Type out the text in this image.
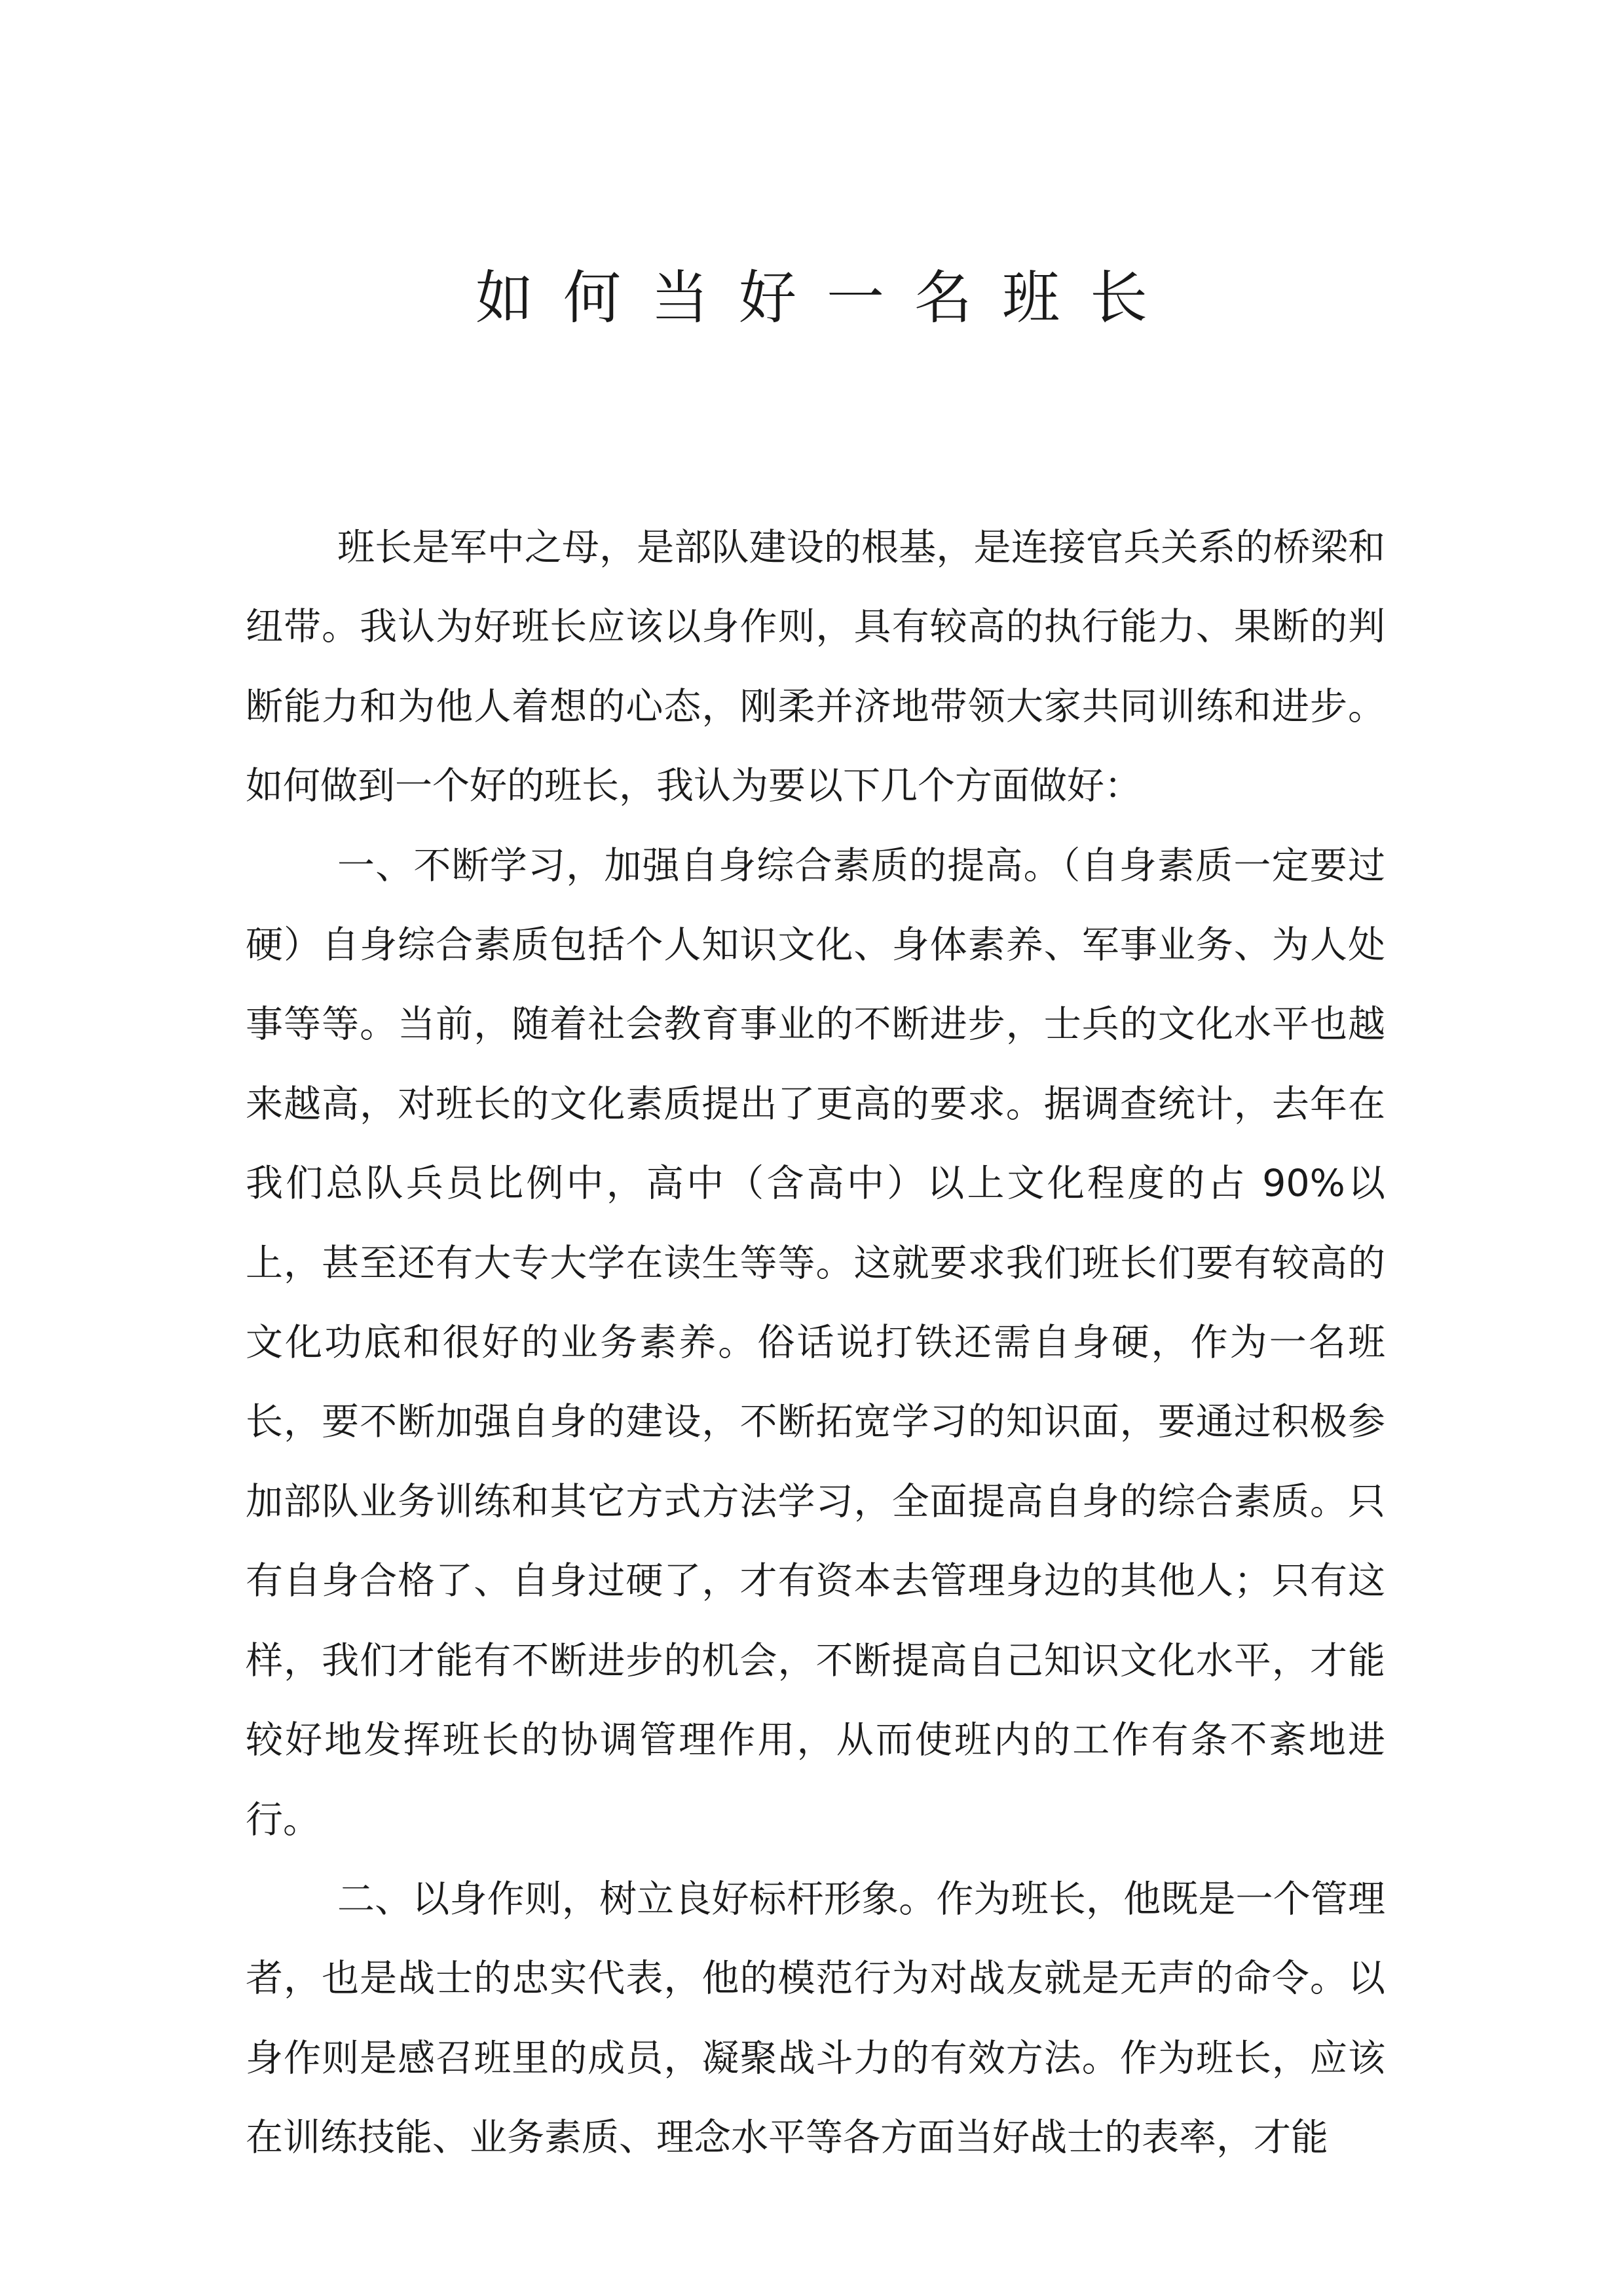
如何当好一名班长

班长是军中之母，是部队建设的根基，是连接官兵关系的桥梁和纽带。我认为好班长应该以身作则，具有较高的执行能力、果断的判断能力和为他人着想的心态，刚柔并济地带领大家共同训练和进步。如何做到一个好的班长，我认为要以下几个方面做好：

一、不断学习，加强自身综合素质的提高。（自身素质一定要过硬）自身综合素质包括个人知识文化、身体素养、军事业务、为人处事等等。当前，随着社会教育事业的不断进步，士兵的文化水平也越来越高，对班长的文化素质提出了更高的要求。据调查统计，去年在我们总队兵员比例中，高中（含高中）以上文化程度的占 90%以上，甚至还有大专大学在读生等等。这就要求我们班长们要有较高的文化功底和很好的业务素养。俗话说打铁还需自身硬，作为一名班长，要不断加强自身的建设，不断拓宽学习的知识面，要通过积极参加部队业务训练和其它方式方法学习，全面提高自身的综合素质。只有自身合格了、自身过硬了，才有资本去管理身边的其他人；只有这样，我们才能有不断进步的机会，不断提高自己知识文化水平，才能较好地发挥班长的协调管理作用，从而使班内的工作有条不紊地进行。

二、以身作则，树立良好标杆形象。作为班长，他既是一个管理者，也是战士的忠实代表，他的模范行为对战友就是无声的命令。以身作则是感召班里的成员，凝聚战斗力的有效方法。作为班长，应该在训练技能、业务素质、理念水平等各方面当好战士的表率，才能
